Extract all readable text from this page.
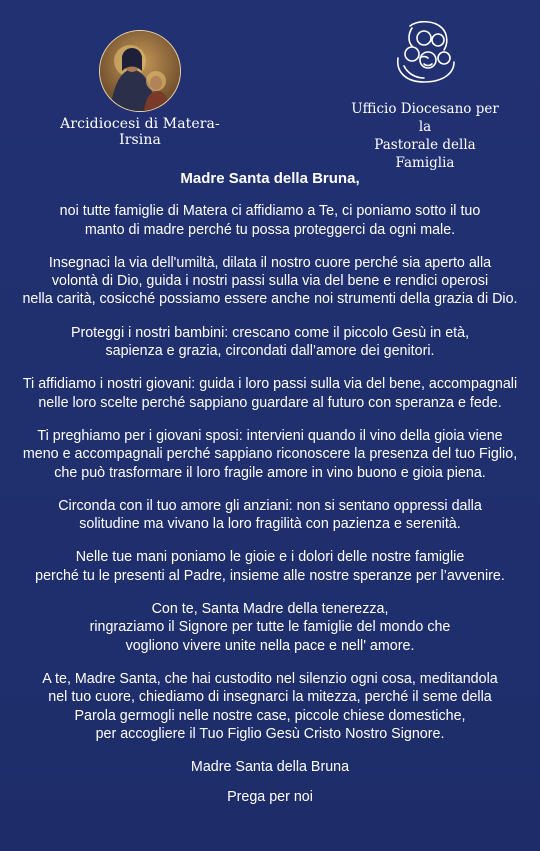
Arcidiocesi di Matera-Irsina
Ufficio Diocesano per la
Pastorale della Famiglia
Madre Santa della Bruna,

noi tutte famiglie di Matera ci affidiamo a Te, ci poniamo sotto il tuo
manto di madre perché tu possa proteggerci da ogni male.

Insegnaci la via dell'umiltà, dilata il nostro cuore perché sia aperto alla
volontà di Dio, guida i nostri passi sulla via del bene e rendici operosi
nella carità, cosicché possiamo essere anche noi strumenti della grazia di Dio.

Proteggi i nostri bambini: crescano come il piccolo Gesù in età,
sapienza e grazia, circondati dall’amore dei genitori.

Ti affidiamo i nostri giovani: guida i loro passi sulla via del bene, accompagnali
nelle loro scelte perché sappiano guardare al futuro con speranza e fede.

Ti preghiamo per i giovani sposi: intervieni quando il vino della gioia viene
meno e accompagnali perché sappiano riconoscere la presenza del tuo Figlio,
che può trasformare il loro fragile amore in vino buono e gioia piena.

Circonda con il tuo amore gli anziani: non si sentano oppressi dalla
solitudine ma vivano la loro fragilità con pazienza e serenità.

Nelle tue mani poniamo le gioie e i dolori delle nostre famiglie
perché tu le presenti al Padre, insieme alle nostre speranze per l’avvenire.

Con te, Santa Madre della tenerezza,
ringraziamo il Signore per tutte le famiglie del mondo che
vogliono vivere unite nella pace e nell' amore.

A te, Madre Santa, che hai custodito nel silenzio ogni cosa, meditandola
nel tuo cuore, chiediamo di insegnarci la mitezza, perché il seme della
Parola germogli nelle nostre case, piccole chiese domestiche,
per accogliere il Tuo Figlio Gesù Cristo Nostro Signore.

Madre Santa della Bruna

Prega per noi
